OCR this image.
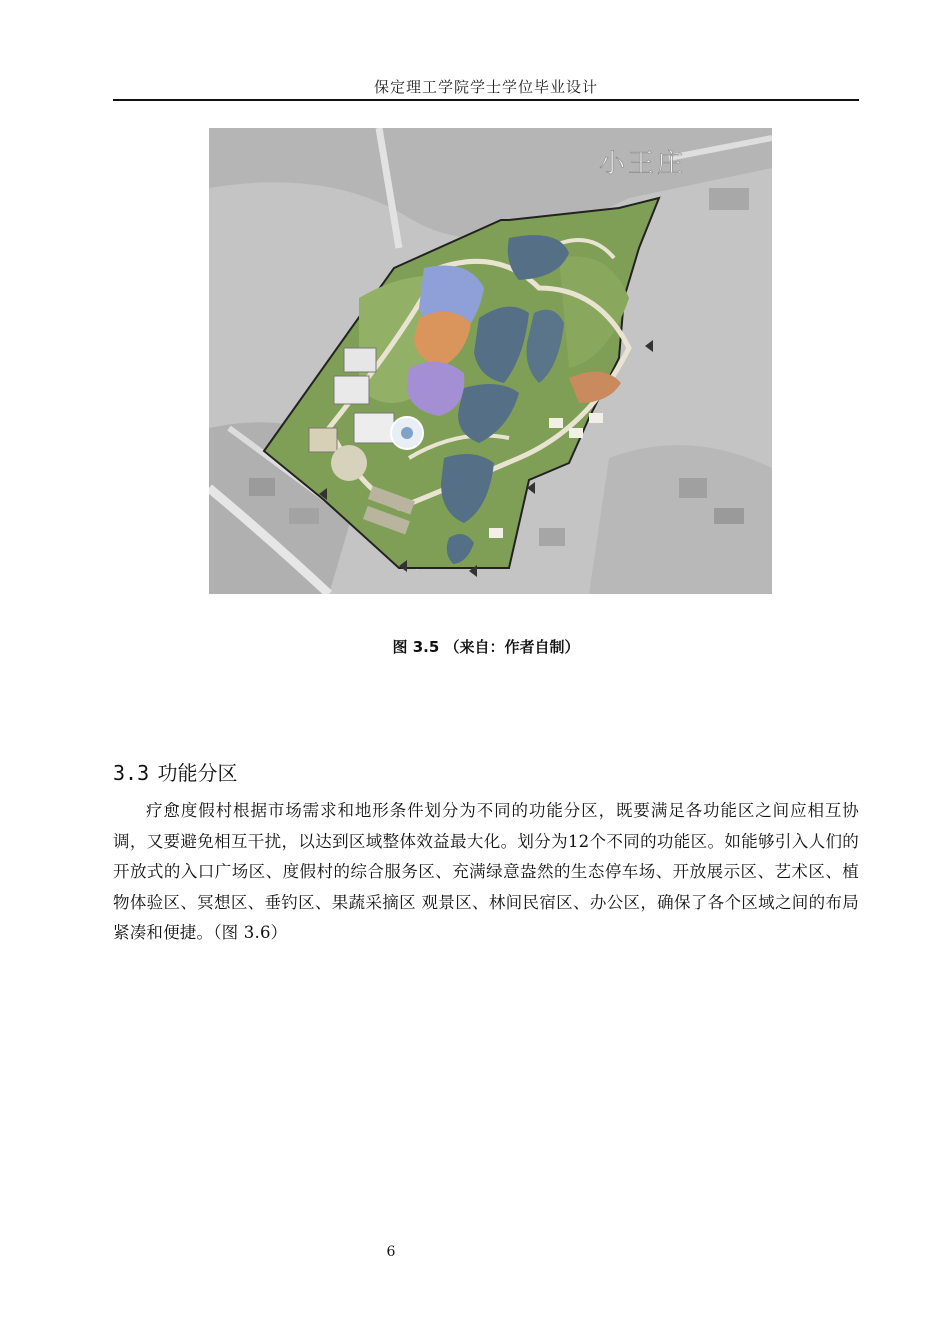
保定理工学院学士学位毕业设计
小王庄
图 3.5 （来自：作者自制）
3.3 功能分区

疗愈度假村根据市场需求和地形条件划分为不同的功能分区，既要满足各功能区之间应相互协调，又要避免相互干扰，以达到区域整体效益最大化。划分为12个不同的功能区。如能够引入人们的开放式的入口广场区、度假村的综合服务区、充满绿意盎然的生态停车场、开放展示区、艺术区、植物体验区、冥想区、垂钓区、果蔬采摘区 观景区、林间民宿区、办公区，确保了各个区域之间的布局紧凑和便捷。（图 3.6）

6
